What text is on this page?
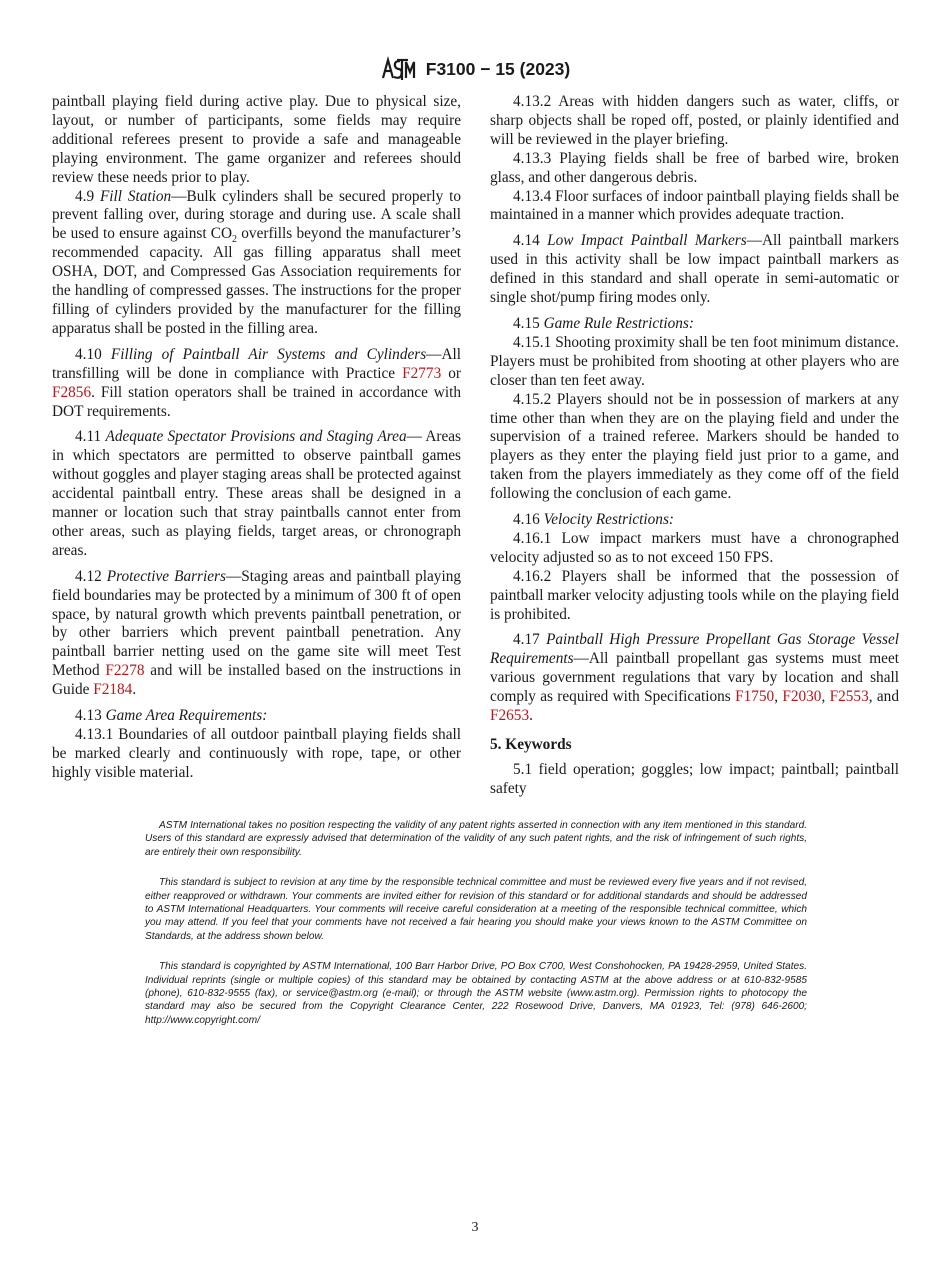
F3100 − 15 (2023)

paintball playing field during active play. Due to physical size, layout, or number of participants, some fields may require additional referees present to provide a safe and manageable playing environment. The game organizer and referees should review these needs prior to play.

4.9 Fill Station—Bulk cylinders shall be secured properly to prevent falling over, during storage and during use. A scale shall be used to ensure against $CO_2$ overfills beyond the manufacturer’s recommended capacity. All gas filling apparatus shall meet OSHA, DOT, and Compressed Gas Association requirements for the handling of compressed gasses. The instructions for the proper filling of cylinders provided by the manufacturer for the filling apparatus shall be posted in the filling area.

4.10 Filling of Paintball Air Systems and Cylinders—All transfilling will be done in compliance with Practice F2773 or F2856. Fill station operators shall be trained in accordance with DOT requirements.

4.11 Adequate Spectator Provisions and Staging Area— Areas in which spectators are permitted to observe paintball games without goggles and player staging areas shall be protected against accidental paintball entry. These areas shall be designed in a manner or location such that stray paintballs cannot enter from other areas, such as playing fields, target areas, or chronograph areas.

4.12 Protective Barriers—Staging areas and paintball playing field boundaries may be protected by a minimum of 300 ft of open space, by natural growth which prevents paintball penetration, or by other barriers which prevent paintball penetration. Any paintball barrier netting used on the game site will meet Test Method F2278 and will be installed based on the instructions in Guide F2184.

4.13 Game Area Requirements:

4.13.1 Boundaries of all outdoor paintball playing fields shall be marked clearly and continuously with rope, tape, or other highly visible material.

4.13.2 Areas with hidden dangers such as water, cliffs, or sharp objects shall be roped off, posted, or plainly identified and will be reviewed in the player briefing.

4.13.3 Playing fields shall be free of barbed wire, broken glass, and other dangerous debris.

4.13.4 Floor surfaces of indoor paintball playing fields shall be maintained in a manner which provides adequate traction.

4.14 Low Impact Paintball Markers—All paintball markers used in this activity shall be low impact paintball markers as defined in this standard and shall operate in semi-automatic or single shot/pump firing modes only.

4.15 Game Rule Restrictions:

4.15.1 Shooting proximity shall be ten foot minimum distance. Players must be prohibited from shooting at other players who are closer than ten feet away.

4.15.2 Players should not be in possession of markers at any time other than when they are on the playing field and under the supervision of a trained referee. Markers should be handed to players as they enter the playing field just prior to a game, and taken from the players immediately as they come off of the field following the conclusion of each game.

4.16 Velocity Restrictions:

4.16.1 Low impact markers must have a chronographed velocity adjusted so as to not exceed 150 FPS.

4.16.2 Players shall be informed that the possession of paintball marker velocity adjusting tools while on the playing field is prohibited.

4.17 Paintball High Pressure Propellant Gas Storage Vessel Requirements—All paintball propellant gas systems must meet various government regulations that vary by location and shall comply as required with Specifications F1750, F2030, F2553, and F2653.

5. Keywords

5.1 field operation; goggles; low impact; paintball; paintball safety

ASTM International takes no position respecting the validity of any patent rights asserted in connection with any item mentioned in this standard. Users of this standard are expressly advised that determination of the validity of any such patent rights, and the risk of infringement of such rights, are entirely their own responsibility.

This standard is subject to revision at any time by the responsible technical committee and must be reviewed every five years and if not revised, either reapproved or withdrawn. Your comments are invited either for revision of this standard or for additional standards and should be addressed to ASTM International Headquarters. Your comments will receive careful consideration at a meeting of the responsible technical committee, which you may attend. If you feel that your comments have not received a fair hearing you should make your views known to the ASTM Committee on Standards, at the address shown below.

This standard is copyrighted by ASTM International, 100 Barr Harbor Drive, PO Box C700, West Conshohocken, PA 19428-2959, United States. Individual reprints (single or multiple copies) of this standard may be obtained by contacting ASTM at the above address or at 610-832-9585 (phone), 610-832-9555 (fax), or service@astm.org (e-mail); or through the ASTM website (www.astm.org). Permission rights to photocopy the standard may also be secured from the Copyright Clearance Center, 222 Rosewood Drive, Danvers, MA 01923, Tel: (978) 646-2600; http://www.copyright.com/

3
